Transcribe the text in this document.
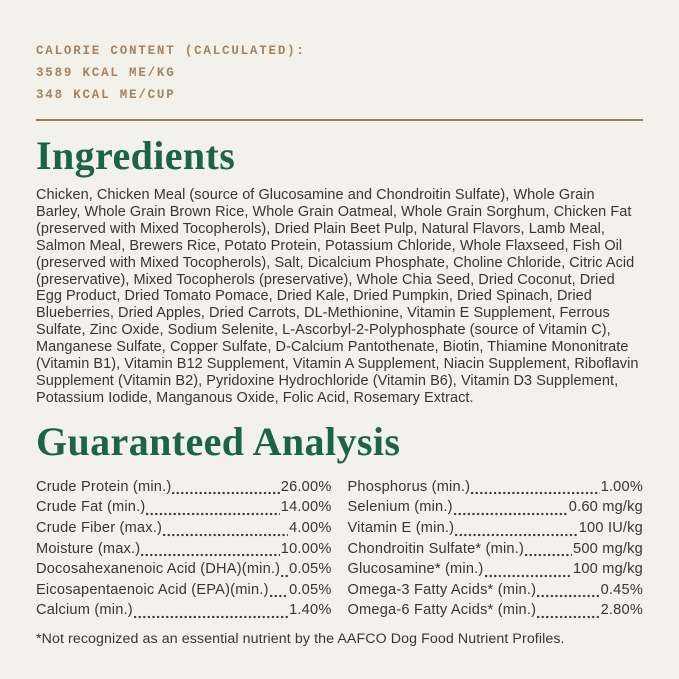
CALORIE CONTENT (CALCULATED):
3589 KCAL ME/KG
348 KCAL ME/CUP
Ingredients

Chicken, Chicken Meal (source of Glucosamine and Chondroitin Sulfate), Whole Grain Barley, Whole Grain Brown Rice, Whole Grain Oatmeal, Whole Grain Sorghum, Chicken Fat (preserved with Mixed Tocopherols), Dried Plain Beet Pulp, Natural Flavors, Lamb Meal, Salmon Meal, Brewers Rice, Potato Protein, Potassium Chloride, Whole Flaxseed, Fish Oil (preserved with Mixed Tocopherols), Salt, Dicalcium Phosphate, Choline Chloride, Citric Acid (preservative), Mixed Tocopherols (preservative), Whole Chia Seed, Dried Coconut, Dried Egg Product, Dried Tomato Pomace, Dried Kale, Dried Pumpkin, Dried Spinach, Dried Blueberries, Dried Apples, Dried Carrots, DL-Methionine, Vitamin E Supplement, Ferrous Sulfate, Zinc Oxide, Sodium Selenite, L-Ascorbyl-2-Polyphosphate (source of Vitamin C), Manganese Sulfate, Copper Sulfate, D-Calcium Pantothenate, Biotin, Thiamine Mononitrate (Vitamin B1), Vitamin B12 Supplement, Vitamin A Supplement, Niacin Supplement, Riboflavin Supplement (Vitamin B2), Pyridoxine Hydrochloride (Vitamin B6), Vitamin D3 Supplement, Potassium Iodide, Manganous Oxide, Folic Acid, Rosemary Extract.

Guaranteed Analysis
Crude Protein (min.)	26.00%
Crude Fat (min.)	14.00%
Crude Fiber (max.)	4.00%
Moisture (max.)	10.00%
Docosahexanenoic Acid (DHA)(min.) 0.05%
Eicosapentaenoic Acid (EPA)(min.) 0.05%
Calcium (min.)	1.40%
Phosphorus (min.)	1.00%
Selenium (min.)	0.60 mg/kg
Vitamin E (min.)	100 IU/kg
Chondroitin Sulfate* (min.)	500 mg/kg
Glucosamine* (min.)	100 mg/kg
Omega-3 Fatty Acids* (min.)	0.45%
Omega-6 Fatty Acids* (min.)	2.80%

*Not recognized as an essential nutrient by the AAFCO Dog Food Nutrient Profiles.
